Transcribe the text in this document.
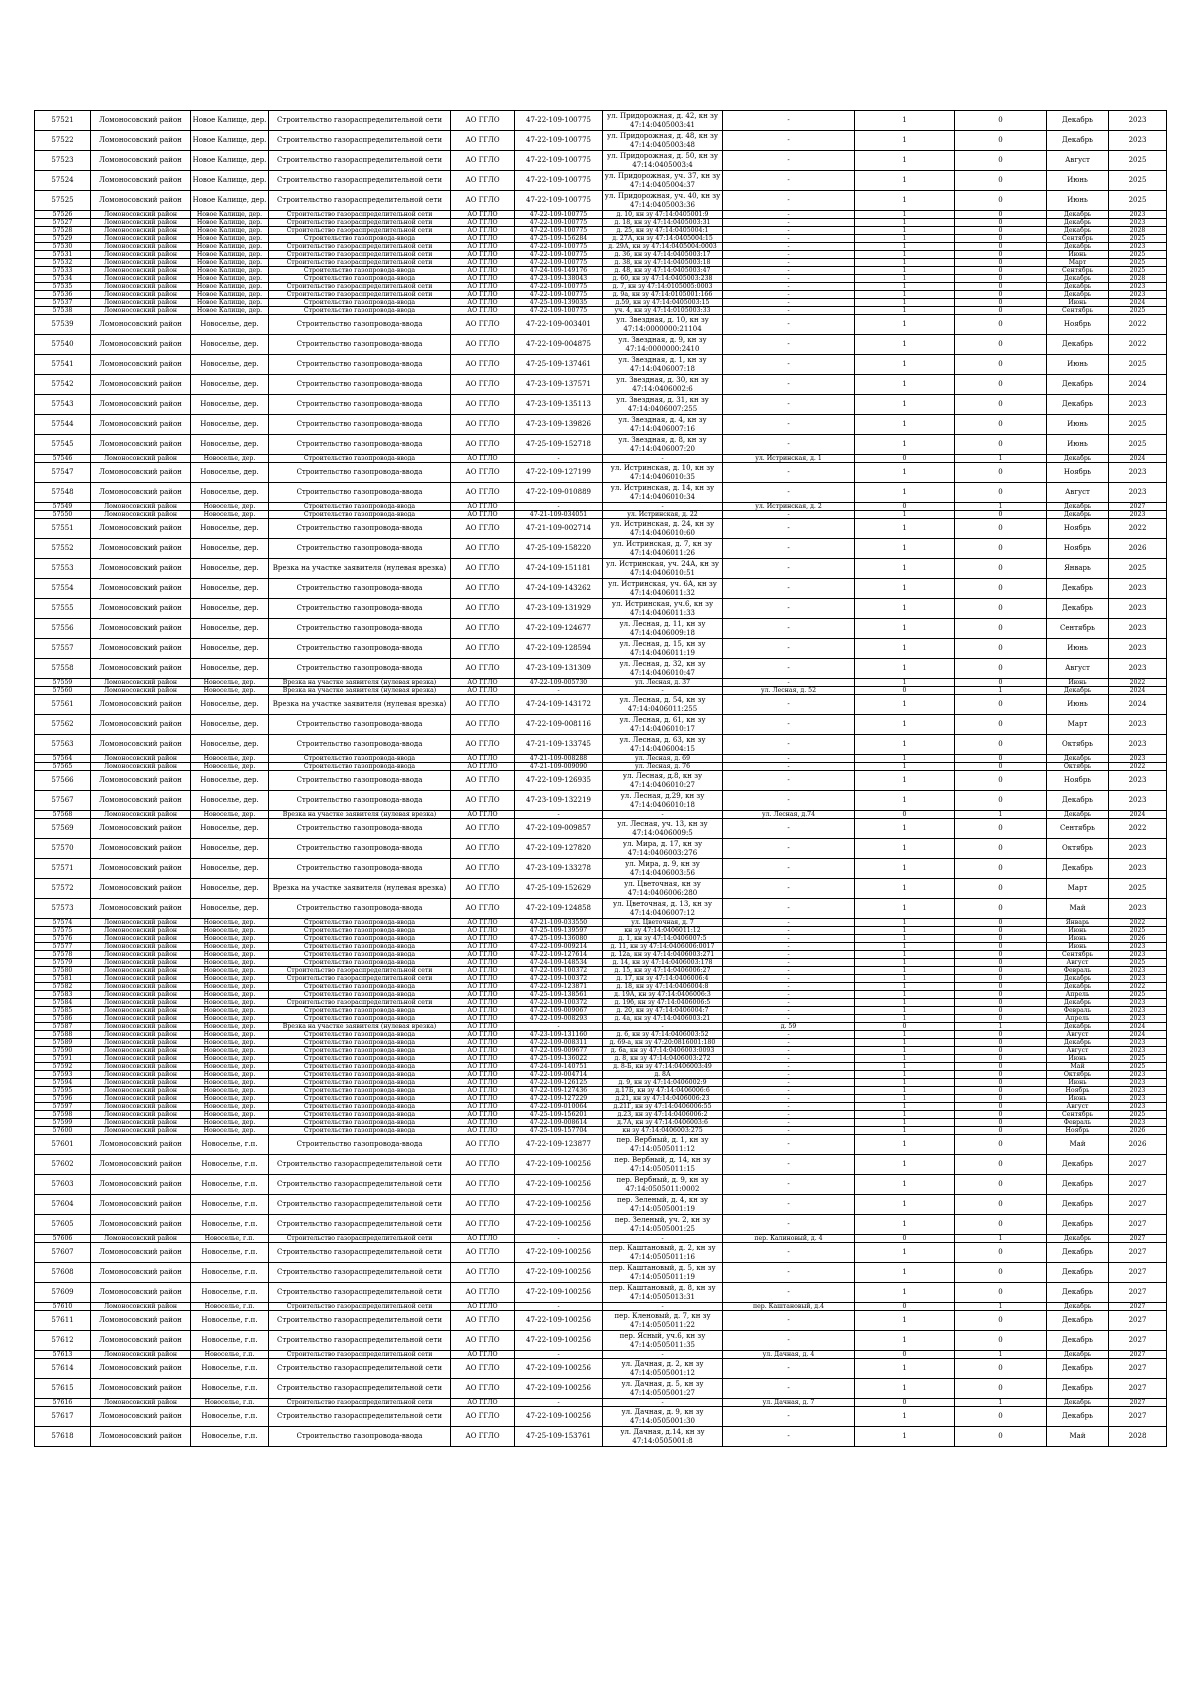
57521	Ломоносовский район	Новое Калище, дер.	Строительство газораспределительной сети	АО ГГЛО	47-22-109-100775	ул. Придорожная, д. 42, кн зу 47:14:0405003:41	-	1	0	Декабрь	2023
57522	Ломоносовский район	Новое Калище, дер.	Строительство газораспределительной сети	АО ГГЛО	47-22-109-100775	ул. Придорожная, д. 48, кн зу 47:14:0405003:48	-	1	0	Декабрь	2023
57523	Ломоносовский район	Новое Калище, дер.	Строительство газораспределительной сети	АО ГГЛО	47-22-109-100775	ул. Придорожная, д. 50, кн зу 47:14:0405003:4	-	1	0	Август	2025
57524	Ломоносовский район	Новое Калище, дер.	Строительство газораспределительной сети	АО ГГЛО	47-22-109-100775	ул. Придорожная, уч. 37, кн зу 47:14:0405004:37	-	1	0	Июнь	2025
57525	Ломоносовский район	Новое Калище, дер.	Строительство газораспределительной сети	АО ГГЛО	47-22-109-100775	ул. Придорожная, уч. 40, кн зу 47:14:0405003:36	-	1	0	Июнь	2025
57526	Ломоносовский район	Новое Калище, дер.	Строительство газораспределительной сети	АО ГГЛО	47-22-109-100775	д. 10, кн зу 47:14:0405001:9	-	1	0	Декабрь	2023
57527	Ломоносовский район	Новое Калище, дер.	Строительство газораспределительной сети	АО ГГЛО	47-22-109-100775	д. 18, кн зу 47:14:0405003:31	-	1	0	Декабрь	2023
57528	Ломоносовский район	Новое Калище, дер.	Строительство газораспределительной сети	АО ГГЛО	47-22-109-100775	д. 25, кн зу 47:14:0405004:1	-	1	0	Декабрь	2028
57529	Ломоносовский район	Новое Калище, дер.	Строительство газопровода-ввода	АО ГГЛО	47-25-109-156284	д. 27А, кн зу 47:14:0405004:15	-	1	0	Сентябрь	2025
57530	Ломоносовский район	Новое Калище, дер.	Строительство газораспределительной сети	АО ГГЛО	47-22-109-100775	д. 29А, кн зу 47:14:0405004:0003	-	1	0	Декабрь	2023
57531	Ломоносовский район	Новое Калище, дер.	Строительство газораспределительной сети	АО ГГЛО	47-22-109-100775	д. 36, кн зу 47:14:0405003:17	-	1	0	Июнь	2025
57532	Ломоносовский район	Новое Калище, дер.	Строительство газораспределительной сети	АО ГГЛО	47-22-109-100775	д. 38, кн зу 47:14:0405003:18	-	1	0	Март	2025
57533	Ломоносовский район	Новое Калище, дер.	Строительство газопровода-ввода	АО ГГЛО	47-24-109-149176	д. 48, кн зу 47:14:0405003:47	-	1	0	Сентябрь	2025
57534	Ломоносовский район	Новое Калище, дер.	Строительство газопровода-ввода	АО ГГЛО	47-23-109-138043	д. 60, кн зу 47:14:0405003:238	-	1	0	Декабрь	2028
57535	Ломоносовский район	Новое Калище, дер.	Строительство газораспределительной сети	АО ГГЛО	47-22-109-100775	д. 7, кн зу 47:14:0105005:0003	-	1	0	Декабрь	2023
57536	Ломоносовский район	Новое Калище, дер.	Строительство газораспределительной сети	АО ГГЛО	47-22-109-100775	д. 9а, кн зу 47:14:0105001:166	-	1	0	Декабрь	2023
57537	Ломоносовский район	Новое Калище, дер.	Строительство газопровода-ввода	АО ГГЛО	47-25-109-139035	д.59, кн зу 47:14:0405003:15	-	1	0	Июнь	2024
57538	Ломоносовский район	Новое Калище, дер.	Строительство газопровода-ввода	АО ГГЛО	47-22-109-100775	уч. 4, кн зу 47:14:0105003:33	-	1	0	Сентябрь	2025
57539	Ломоносовский район	Новоселье, дер.	Строительство газопровода-ввода	АО ГГЛО	47-22-109-003401	ул. Звездная, д. 10, кн зу 47:14:0000000:21104	-	1	0	Ноябрь	2022
57540	Ломоносовский район	Новоселье, дер.	Строительство газопровода-ввода	АО ГГЛО	47-22-109-004875	ул. Звездная, д. 9, кн зу 47:14:0000000:2410	-	1	0	Декабрь	2022
57541	Ломоносовский район	Новоселье, дер.	Строительство газопровода-ввода	АО ГГЛО	47-25-109-137461	ул. Звездная, д. 1, кн зу 47:14:0406007:18	-	1	0	Июнь	2025
57542	Ломоносовский район	Новоселье, дер.	Строительство газопровода-ввода	АО ГГЛО	47-23-109-137571	ул. Звездная, д. 30, кн зу 47:14:0406002:6	-	1	0	Декабрь	2024
57543	Ломоносовский район	Новоселье, дер.	Строительство газопровода-ввода	АО ГГЛО	47-23-109-135113	ул. Звездная, д. 31, кн зу 47:14:0406007:255	-	1	0	Декабрь	2023
57544	Ломоносовский район	Новоселье, дер.	Строительство газопровода-ввода	АО ГГЛО	47-23-109-139826	ул. Звездная, д. 4, кн зу 47:14:0406007:16	-	1	0	Июнь	2025
57545	Ломоносовский район	Новоселье, дер.	Строительство газопровода-ввода	АО ГГЛО	47-25-109-152718	ул. Звездная, д. 8, кн зу 47:14:0406007:20	-	1	0	Июнь	2025
57546	Ломоносовский район	Новоселье, дер.	Строительство газопровода-ввода	АО ГГЛО	-	-	ул. Истринская, д. 1	0	1	Декабрь	2024
57547	Ломоносовский район	Новоселье, дер.	Строительство газопровода-ввода	АО ГГЛО	47-22-109-127199	ул. Истринская, д. 10, кн зу 47:14:0406010:35	-	1	0	Ноябрь	2023
57548	Ломоносовский район	Новоселье, дер.	Строительство газопровода-ввода	АО ГГЛО	47-22-109-010889	ул. Истринская, д. 14, кн зу 47:14:0406010:34	-	1	0	Август	2023
57549	Ломоносовский район	Новоселье, дер.	Строительство газопровода-ввода	АО ГГЛО	-	-	ул. Истринская, д. 2	0	1	Декабрь	2027
57550	Ломоносовский район	Новоселье, дер.	Строительство газопровода-ввода	АО ГГЛО	47-21-109-034051	ул. Истринская, д. 22	-	1	0	Декабрь	2023
57551	Ломоносовский район	Новоселье, дер.	Строительство газопровода-ввода	АО ГГЛО	47-21-109-002714	ул. Истринская, д. 24, кн зу 47:14:0406010:60	-	1	0	Ноябрь	2022
57552	Ломоносовский район	Новоселье, дер.	Строительство газопровода-ввода	АО ГГЛО	47-25-109-158220	ул. Истринская, д. 7, кн зу 47:14:0406011:26	-	1	0	Ноябрь	2026
57553	Ломоносовский район	Новоселье, дер.	Врезка на участке заявителя (нулевая врезка)	АО ГГЛО	47-24-109-151181	ул. Истринская, уч. 24А, кн зу 47:14:0406010:51	-	1	0	Январь	2025
57554	Ломоносовский район	Новоселье, дер.	Строительство газопровода-ввода	АО ГГЛО	47-24-109-143262	ул. Истринская, уч. 6А, кн зу 47:14:0406011:32	-	1	0	Декабрь	2023
57555	Ломоносовский район	Новоселье, дер.	Строительство газопровода-ввода	АО ГГЛО	47-23-109-131929	ул. Истринская, уч.6, кн зу 47:14:0406011:33	-	1	0	Декабрь	2023
57556	Ломоносовский район	Новоселье, дер.	Строительство газопровода-ввода	АО ГГЛО	47-22-109-124677	ул. Лесная, д. 11, кн зу 47:14:0406009:18	-	1	0	Сентябрь	2023
57557	Ломоносовский район	Новоселье, дер.	Строительство газопровода-ввода	АО ГГЛО	47-22-109-128594	ул. Лесная, д. 15, кн зу 47:14:0406011:19	-	1	0	Июнь	2023
57558	Ломоносовский район	Новоселье, дер.	Строительство газопровода-ввода	АО ГГЛО	47-23-109-131309	ул. Лесная, д. 32, кн зу 47:14:0406010:47	-	1	0	Август	2023
57559	Ломоносовский район	Новоселье, дер.	Врезка на участке заявителя (нулевая врезка)	АО ГГЛО	47-22-109-005730	ул. Лесная, д. 37	-	1	0	Июнь	2022
57560	Ломоносовский район	Новоселье, дер.	Врезка на участке заявителя (нулевая врезка)	АО ГГЛО	-	-	ул. Лесная, д. 52	0	1	Декабрь	2024
57561	Ломоносовский район	Новоселье, дер.	Врезка на участке заявителя (нулевая врезка)	АО ГГЛО	47-24-109-143172	ул. Лесная, д. 54, кн зу 47:14:0406011:255	-	1	0	Июнь	2024
57562	Ломоносовский район	Новоселье, дер.	Строительство газопровода-ввода	АО ГГЛО	47-22-109-008116	ул. Лесная, д. 61, кн зу 47:14:0406010:17	-	1	0	Март	2023
57563	Ломоносовский район	Новоселье, дер.	Строительство газопровода-ввода	АО ГГЛО	47-21-109-133745	ул. Лесная, д. 63, кн зу 47:14:0406004:15	-	1	0	Октябрь	2023
57564	Ломоносовский район	Новоселье, дер.	Строительство газопровода-ввода	АО ГГЛО	47-21-109-008288	ул. Лесная, д. 69	-	1	0	Декабрь	2023
57565	Ломоносовский район	Новоселье, дер.	Строительство газопровода-ввода	АО ГГЛО	47-21-109-009090	ул. Лесная, д. 76	-	1	0	Октябрь	2022
57566	Ломоносовский район	Новоселье, дер.	Строительство газопровода-ввода	АО ГГЛО	47-22-109-126935	ул. Лесная, д.8, кн зу 47:14:0406010:27	-	1	0	Ноябрь	2023
57567	Ломоносовский район	Новоселье, дер.	Строительство газопровода-ввода	АО ГГЛО	47-23-109-132219	ул. Лесная, д.29, кн зу 47:14:0406010:18	-	1	0	Декабрь	2023
57568	Ломоносовский район	Новоселье, дер.	Врезка на участке заявителя (нулевая врезка)	АО ГГЛО	-	-	ул. Лесная, д.74	0	1	Декабрь	2024
57569	Ломоносовский район	Новоселье, дер.	Строительство газопровода-ввода	АО ГГЛО	47-22-109-009857	ул. Лесная, уч. 13, кн зу 47:14:0406009:5	-	1	0	Сентябрь	2022
57570	Ломоносовский район	Новоселье, дер.	Строительство газопровода-ввода	АО ГГЛО	47-22-109-127820	ул. Мира, д. 17, кн зу 47:14:0406003:276	-	1	0	Октябрь	2023
57571	Ломоносовский район	Новоселье, дер.	Строительство газопровода-ввода	АО ГГЛО	47-23-109-133278	ул. Мира, д. 9, кн зу 47:14:0406003:56	-	1	0	Декабрь	2023
57572	Ломоносовский район	Новоселье, дер.	Врезка на участке заявителя (нулевая врезка)	АО ГГЛО	47-25-109-152629	ул. Цветочная, кн зу 47:14:0406006:280	-	1	0	Март	2025
57573	Ломоносовский район	Новоселье, дер.	Строительство газопровода-ввода	АО ГГЛО	47-22-109-124858	ул. Цветочная, д. 13, кн зу 47:14:0406007:12	-	1	0	Май	2023
57574	Ломоносовский район	Новоселье, дер.	Строительство газопровода-ввода	АО ГГЛО	47-21-109-033550	ул. Цветочная, д. 7	-	1	0	Январь	2022
57575	Ломоносовский район	Новоселье, дер.	Строительство газопровода-ввода	АО ГГЛО	47-25-109-139597	кн зу 47:14:0406011:12	-	1	0	Июнь	2025
57576	Ломоносовский район	Новоселье, дер.	Строительство газопровода-ввода	АО ГГЛО	47-25-109-136080	д. 1, кн зу 47:14:0406007:5	-	1	0	Июнь	2026
57577	Ломоносовский район	Новоселье, дер.	Строительство газопровода-ввода	АО ГГЛО	47-22-109-009214	д. 11, кн зу 47:14:0406006:0017	-	1	0	Июнь	2023
57578	Ломоносовский район	Новоселье, дер.	Строительство газопровода-ввода	АО ГГЛО	47-22-109-127614	д. 12а, кн зу 47:14:0406003:271	-	1	0	Сентябрь	2023
57579	Ломоносовский район	Новоселье, дер.	Строительство газопровода-ввода	АО ГГЛО	47-24-109-148534	д. 14, кн зу 47:14:0406003:178	-	1	0	Август	2025
57580	Ломоносовский район	Новоселье, дер.	Строительство газораспределительной сети	АО ГГЛО	47-22-109-100372	д. 15, кн зу 47:14:0406006:27	-	1	0	Февраль	2023
57581	Ломоносовский район	Новоселье, дер.	Строительство газораспределительной сети	АО ГГЛО	47-22-109-100372	д. 17, кн зу 47:14:0406006:4	-	1	0	Декабрь	2023
57582	Ломоносовский район	Новоселье, дер.	Строительство газопровода-ввода	АО ГГЛО	47-22-109-123871	д. 18, кн зу 47:14:0406004:8	-	1	0	Декабрь	2022
57583	Ломоносовский район	Новоселье, дер.	Строительство газопровода-ввода	АО ГГЛО	47-25-109-138561	д. 19А, кн зу 47:14:0406006:3	-	1	0	Апрель	2025
57584	Ломоносовский район	Новоселье, дер.	Строительство газораспределительной сети	АО ГГЛО	47-22-109-100372	д. 19б, кн зу 47:14:0406006:5	-	1	0	Декабрь	2023
57585	Ломоносовский район	Новоселье, дер.	Строительство газопровода-ввода	АО ГГЛО	47-22-109-009067	д. 20, кн зу 47:14:0406004:7	-	1	0	Февраль	2023
57586	Ломоносовский район	Новоселье, дер.	Строительство газопровода-ввода	АО ГГЛО	47-22-109-008293	д. 4а, кн зу 47:14:0406003:21	-	1	0	Апрель	2023
57587	Ломоносовский район	Новоселье, дер.	Врезка на участке заявителя (нулевая врезка)	АО ГГЛО	-	-	д. 59	0	1	Декабрь	2024
57588	Ломоносовский район	Новоселье, дер.	Строительство газопровода-ввода	АО ГГЛО	47-23-109-131160	д. 6, кн зу 47:14:0406003:52	-	1	0	Август	2024
57589	Ломоносовский район	Новоселье, дер.	Строительство газопровода-ввода	АО ГГЛО	47-22-109-008311	д. 69-а, кн зу 47:20:0816001:180	-	1	0	Декабрь	2023
57590	Ломоносовский район	Новоселье, дер.	Строительство газопровода-ввода	АО ГГЛО	47-22-109-009677	д. 6а, кн зу 47:14:0406003:0093	-	1	0	Август	2023
57591	Ломоносовский район	Новоселье, дер.	Строительство газопровода-ввода	АО ГГЛО	47-25-109-136022	д. 8, кн зу 47:14:0406003:272	-	1	0	Июнь	2025
57592	Ломоносовский район	Новоселье, дер.	Строительство газопровода-ввода	АО ГГЛО	47-24-109-140751	д. 8-Б, кн зу 47:14:0406003:49	-	1	0	Май	2025
57593	Ломоносовский район	Новоселье, дер.	Строительство газопровода-ввода	АО ГГЛО	47-22-109-004714	д. 8А	-	1	0	Октябрь	2023
57594	Ломоносовский район	Новоселье, дер.	Строительство газопровода-ввода	АО ГГЛО	47-22-109-126125	д. 9, кн зу 47:14:0406002:9	-	1	0	Июнь	2023
57595	Ломоносовский район	Новоселье, дер.	Строительство газопровода-ввода	АО ГГЛО	47-22-109-127436	д.17Б, кн зу 47:14:0406006:6	-	1	0	Ноябрь	2023
57596	Ломоносовский район	Новоселье, дер.	Строительство газопровода-ввода	АО ГГЛО	47-22-109-127229	д.21, кн зу 47:14:0406006:23	-	1	0	Июнь	2023
57597	Ломоносовский район	Новоселье, дер.	Строительство газопровода-ввода	АО ГГЛО	47-22-109-010064	д.21Г, кн зу 47:14:0406006:55	-	1	0	Август	2023
57598	Ломоносовский район	Новоселье, дер.	Строительство газопровода-ввода	АО ГГЛО	47-25-109-156201	д.23, кн зу 47:14:0406006:2	-	1	0	Сентябрь	2025
57599	Ломоносовский район	Новоселье, дер.	Строительство газопровода-ввода	АО ГГЛО	47-22-109-008614	д.7А, кн зу 47:14:0406003:6	-	1	0	Февраль	2023
57600	Ломоносовский район	Новоселье, дер.	Строительство газопровода-ввода	АО ГГЛО	47-25-109-157704	кн зу 47:14:0406003:275	-	1	0	Ноябрь	2026
57601	Ломоносовский район	Новоселье, г.п.	Строительство газопровода-ввода	АО ГГЛО	47-22-109-123877	пер. Вербный, д. 1, кн зу 47:14:0505011:12	-	1	0	Май	2026
57602	Ломоносовский район	Новоселье, г.п.	Строительство газораспределительной сети	АО ГГЛО	47-22-109-100256	пер. Вербный, д. 14, кн зу 47:14:0505011:15	-	1	0	Декабрь	2027
57603	Ломоносовский район	Новоселье, г.п.	Строительство газораспределительной сети	АО ГГЛО	47-22-109-100256	пер. Вербный, д. 9, кн зу 47:14:0505011:0002	-	1	0	Декабрь	2027
57604	Ломоносовский район	Новоселье, г.п.	Строительство газораспределительной сети	АО ГГЛО	47-22-109-100256	пер. Зеленый, д. 4, кн зу 47:14:0505001:19	-	1	0	Декабрь	2027
57605	Ломоносовский район	Новоселье, г.п.	Строительство газораспределительной сети	АО ГГЛО	47-22-109-100256	пер. Зеленый, уч. 2, кн зу 47:14:0505001:25	-	1	0	Декабрь	2027
57606	Ломоносовский район	Новоселье, г.п.	Строительство газораспределительной сети	АО ГГЛО	-	-	пер. Калиновый, д. 4	0	1	Декабрь	2027
57607	Ломоносовский район	Новоселье, г.п.	Строительство газораспределительной сети	АО ГГЛО	47-22-109-100256	пер. Каштановый, д. 2, кн зу 47:14:0505011:16	-	1	0	Декабрь	2027
57608	Ломоносовский район	Новоселье, г.п.	Строительство газораспределительной сети	АО ГГЛО	47-22-109-100256	пер. Каштановый, д. 5, кн зу 47:14:0505011:19	-	1	0	Декабрь	2027
57609	Ломоносовский район	Новоселье, г.п.	Строительство газораспределительной сети	АО ГГЛО	47-22-109-100256	пер. Каштановый, д. 8, кн зу 47:14:0505013:31	-	1	0	Декабрь	2027
57610	Ломоносовский район	Новоселье, г.п.	Строительство газораспределительной сети	АО ГГЛО	-	-	пер. Каштановый, д.4	0	1	Декабрь	2027
57611	Ломоносовский район	Новоселье, г.п.	Строительство газораспределительной сети	АО ГГЛО	47-22-109-100256	пер. Кленовый, д. 7, кн зу 47:14:0505011:22	-	1	0	Декабрь	2027
57612	Ломоносовский район	Новоселье, г.п.	Строительство газораспределительной сети	АО ГГЛО	47-22-109-100256	пер. Ясный, уч.6, кн зу 47:14:0505011:35	-	1	0	Декабрь	2027
57613	Ломоносовский район	Новоселье, г.п.	Строительство газораспределительной сети	АО ГГЛО	-	-	ул. Дачная, д. 4	0	1	Декабрь	2027
57614	Ломоносовский район	Новоселье, г.п.	Строительство газораспределительной сети	АО ГГЛО	47-22-109-100256	ул. Дачная, д. 2, кн зу 47:14:0505001:12	-	1	0	Декабрь	2027
57615	Ломоносовский район	Новоселье, г.п.	Строительство газораспределительной сети	АО ГГЛО	47-22-109-100256	ул. Дачная, д. 5, кн зу 47:14:0505001:27	-	1	0	Декабрь	2027
57616	Ломоносовский район	Новоселье, г.п.	Строительство газораспределительной сети	АО ГГЛО	-	-	ул. Дачная, д. 7	0	1	Декабрь	2027
57617	Ломоносовский район	Новоселье, г.п.	Строительство газораспределительной сети	АО ГГЛО	47-22-109-100256	ул. Дачная, д. 9, кн зу 47:14:0505001:30	-	1	0	Декабрь	2027
57618	Ломоносовский район	Новоселье, г.п.	Строительство газопровода-ввода	АО ГГЛО	47-25-109-153761	ул. Дачная, д.14, кн зу 47:14:0505001:8	-	1	0	Май	2028
